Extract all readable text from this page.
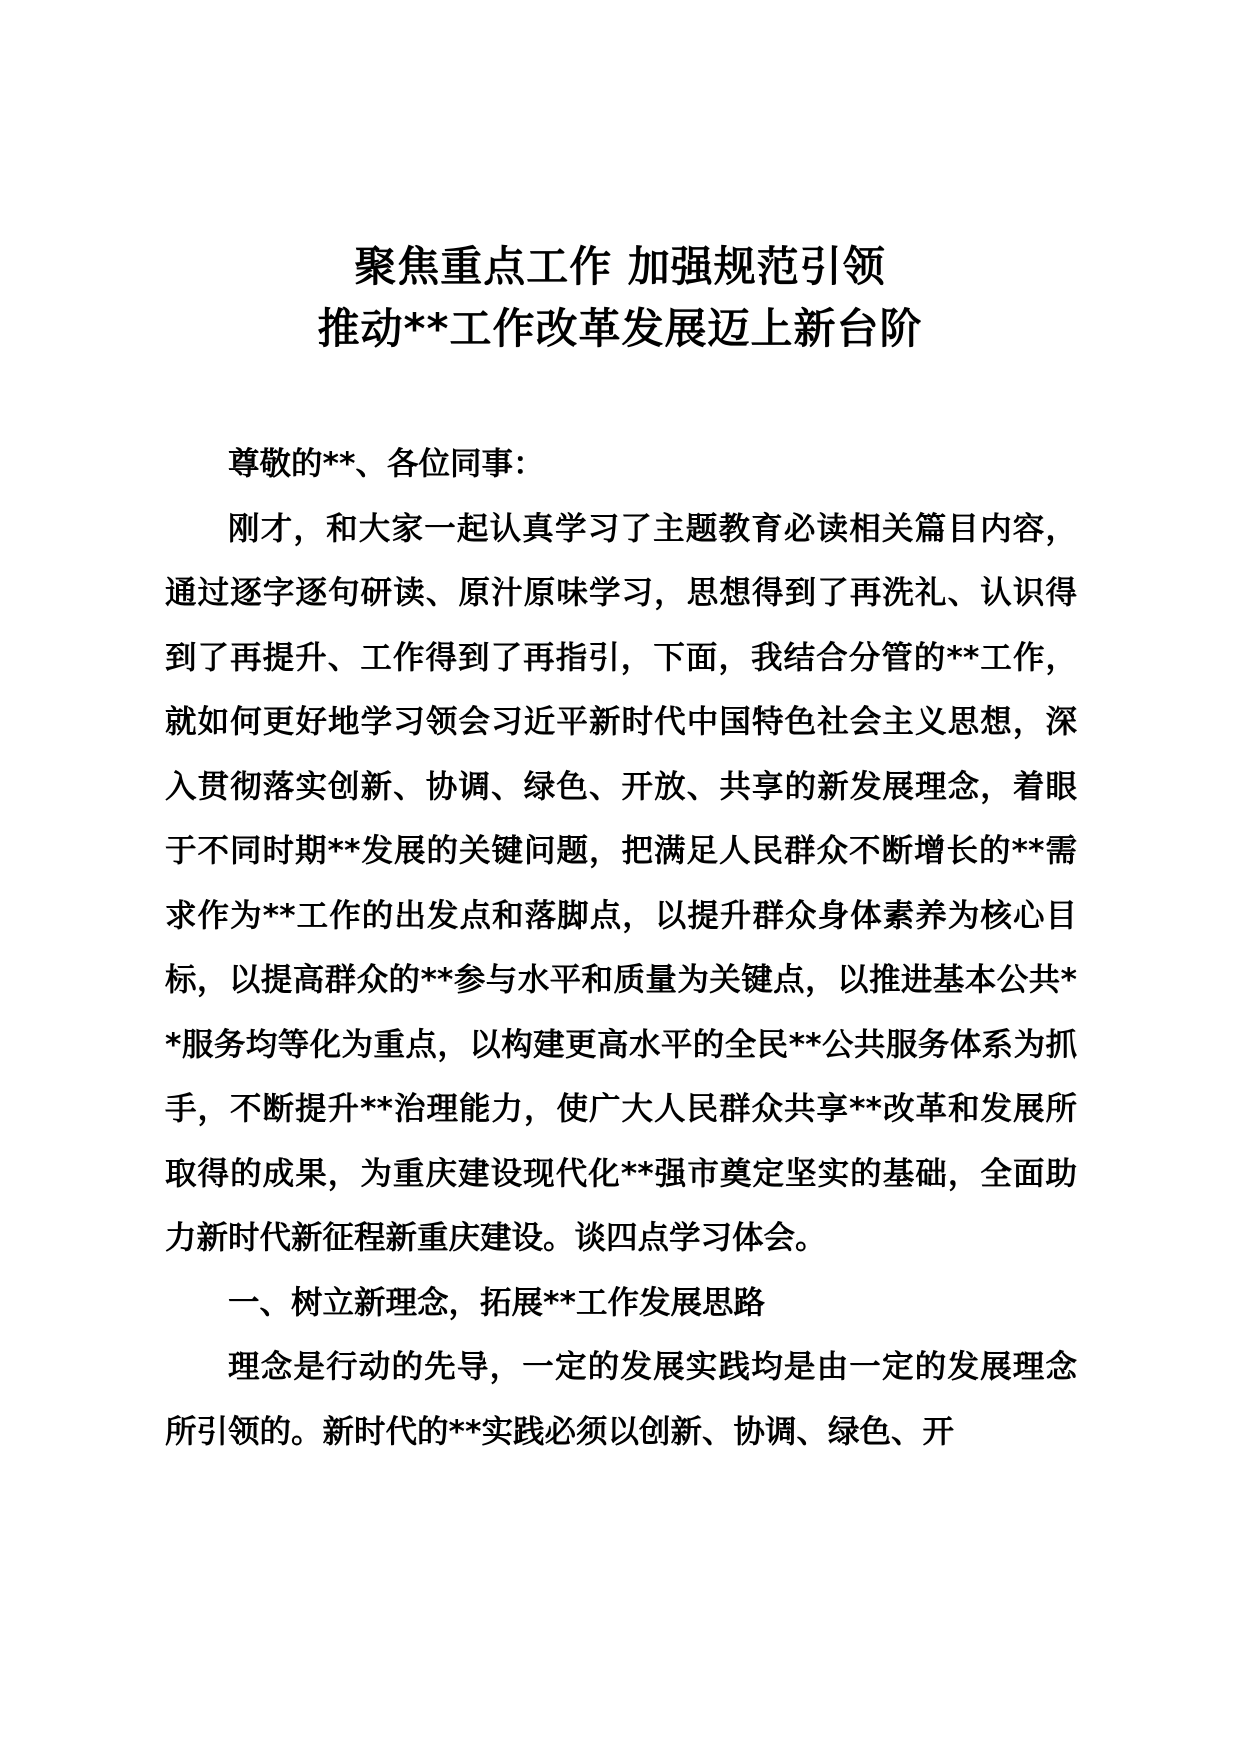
聚焦重点工作 加强规范引领
推动**工作改革发展迈上新台阶

尊敬的**、各位同事：

刚才，和大家一起认真学习了主题教育必读相关篇目内容，通过逐字逐句研读、原汁原味学习，思想得到了再洗礼、认识得到了再提升、工作得到了再指引，下面，我结合分管的**工作，就如何更好地学习领会习近平新时代中国特色社会主义思想，深入贯彻落实创新、协调、绿色、开放、共享的新发展理念，着眼于不同时期**发展的关键问题，把满足人民群众不断增长的**需求作为**工作的出发点和落脚点，以提升群众身体素养为核心目标，以提高群众的**参与水平和质量为关键点，以推进基本公共**服务均等化为重点，以构建更高水平的全民**公共服务体系为抓手，不断提升**治理能力，使广大人民群众共享**改革和发展所取得的成果，为重庆建设现代化**强市奠定坚实的基础，全面助力新时代新征程新重庆建设。谈四点学习体会。

一、树立新理念，拓展**工作发展思路

理念是行动的先导，一定的发展实践均是由一定的发展理念所引领的。新时代的**实践必须以创新、协调、绿色、开
